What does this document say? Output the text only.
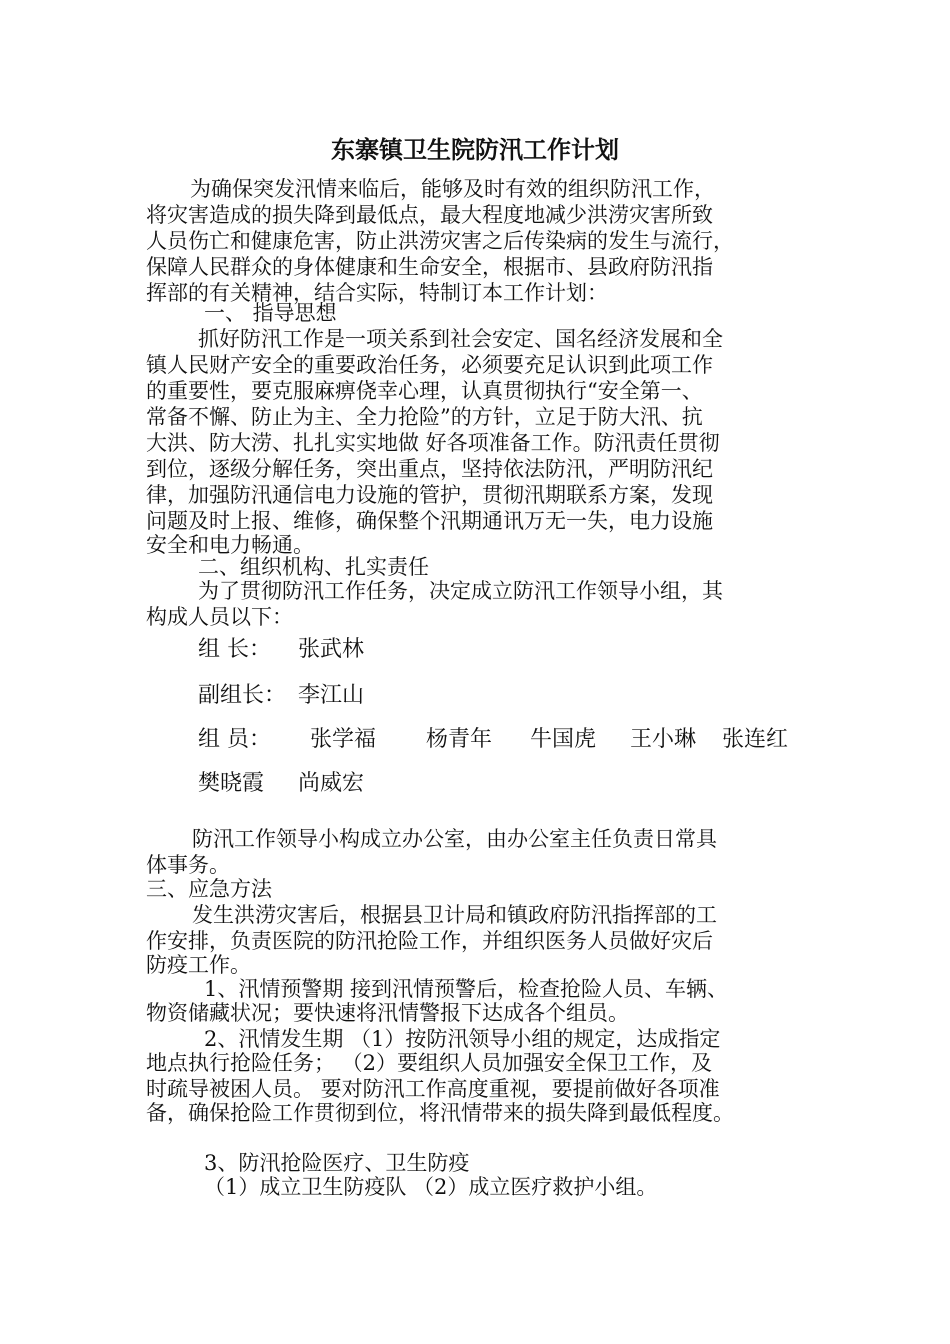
东寨镇卫生院防汛工作计划
为确保突发汛情来临后，能够及时有效的组织防汛工作，
将灾害造成的损失降到最低点，最大程度地减少洪涝灾害所致
人员伤亡和健康危害，防止洪涝灾害之后传染病的发生与流行，
保障人民群众的身体健康和生命安全，根据市、县政府防汛指
挥部的有关精神，结合实际，特制订本工作计划：
一、 指导思想
抓好防汛工作是一项关系到社会安定、国名经济发展和全
镇人民财产安全的重要政治任务，必须要充足认识到此项工作
的重要性，要克服麻痹侥幸心理，认真贯彻执行“安全第一、
常备不懈、防止为主、全力抢险”的方针，立足于防大汛、抗
大洪、防大涝、扎扎实实地做 好各项准备工作。防汛责任贯彻
到位，逐级分解任务，突出重点，坚持依法防汛，严明防汛纪
律，加强防汛通信电力设施的管护，贯彻汛期联系方案，发现
问题及时上报、维修，确保整个汛期通讯万无一失，电力设施
安全和电力畅通。
二、组织机构、扎实责任
为了贯彻防汛工作任务，决定成立防汛工作领导小组，其
构成人员以下：
组 长： 张武林
副组长： 李江山
组 员： 张学福 杨青年 牛国虎 王小琳 张连红
樊晓霞 尚威宏
防汛工作领导小构成立办公室，由办公室主任负责日常具
体事务。
三、应急方法
发生洪涝灾害后，根据县卫计局和镇政府防汛指挥部的工
作安排，负责医院的防汛抢险工作，并组织医务人员做好灾后
防疫工作。
1、汛情预警期 接到汛情预警后，检查抢险人员、车辆、
物资储藏状况；要快速将汛情警报下达成各个组员。
2、汛情发生期 （1）按防汛领导小组的规定，达成指定
地点执行抢险任务； （2）要组织人员加强安全保卫工作，及
时疏导被困人员。 要对防汛工作高度重视，要提前做好各项准
备，确保抢险工作贯彻到位，将汛情带来的损失降到最低程度。
3、防汛抢险医疗、卫生防疫
（1）成立卫生防疫队 （2）成立医疗救护小组。
